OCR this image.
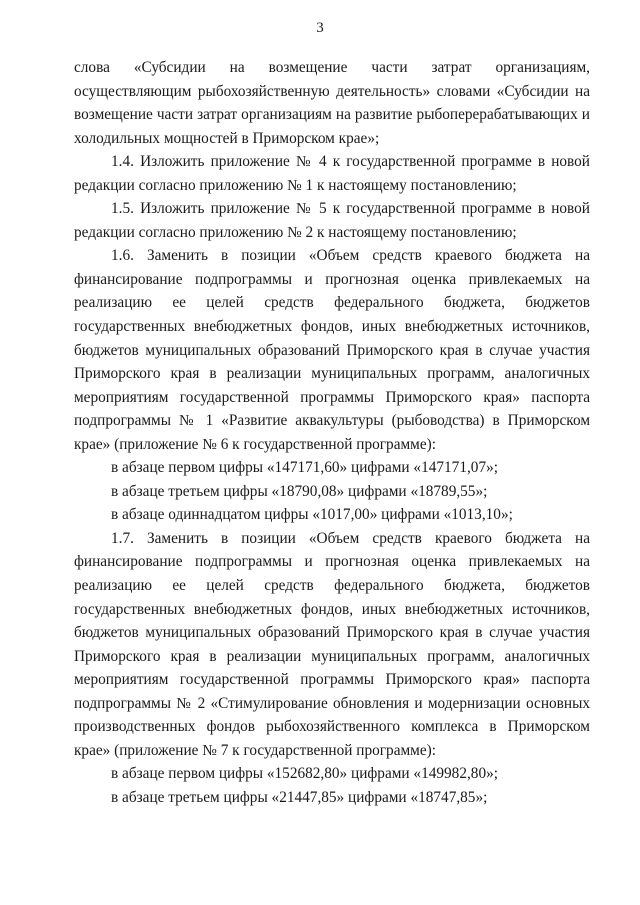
3

слова «Субсидии на возмещение части затрат организациям, осуществляющим рыбохозяйственную деятельность» словами «Субсидии на возмещение части затрат организациям на развитие рыбоперерабатывающих и холодильных мощностей в Приморском крае»;

1.4. Изложить приложение № 4 к государственной программе в новой редакции согласно приложению № 1 к настоящему постановлению;

1.5. Изложить приложение № 5 к государственной программе в новой редакции согласно приложению № 2 к настоящему постановлению;

1.6. Заменить в позиции «Объем средств краевого бюджета на финансирование подпрограммы и прогнозная оценка привлекаемых на реализацию ее целей средств федерального бюджета, бюджетов государственных внебюджетных фондов, иных внебюджетных источников, бюджетов муниципальных образований Приморского края в случае участия Приморского края в реализации муниципальных программ, аналогичных мероприятиям государственной программы Приморского края» паспорта подпрограммы № 1 «Развитие аквакультуры (рыбоводства) в Приморском крае» (приложение № 6 к государственной программе):

в абзаце первом цифры «147171,60» цифрами «147171,07»;

в абзаце третьем цифры «18790,08» цифрами «18789,55»;

в абзаце одиннадцатом цифры «1017,00» цифрами «1013,10»;

1.7. Заменить в позиции «Объем средств краевого бюджета на финансирование подпрограммы и прогнозная оценка привлекаемых на реализацию ее целей средств федерального бюджета, бюджетов государственных внебюджетных фондов, иных внебюджетных источников, бюджетов муниципальных образований Приморского края в случае участия Приморского края в реализации муниципальных программ, аналогичных мероприятиям государственной программы Приморского края» паспорта подпрограммы № 2 «Стимулирование обновления и модернизации основных производственных фондов рыбохозяйственного комплекса в Приморском крае» (приложение № 7 к государственной программе):

в абзаце первом цифры «152682,80» цифрами «149982,80»;

в абзаце третьем цифры «21447,85» цифрами «18747,85»;
